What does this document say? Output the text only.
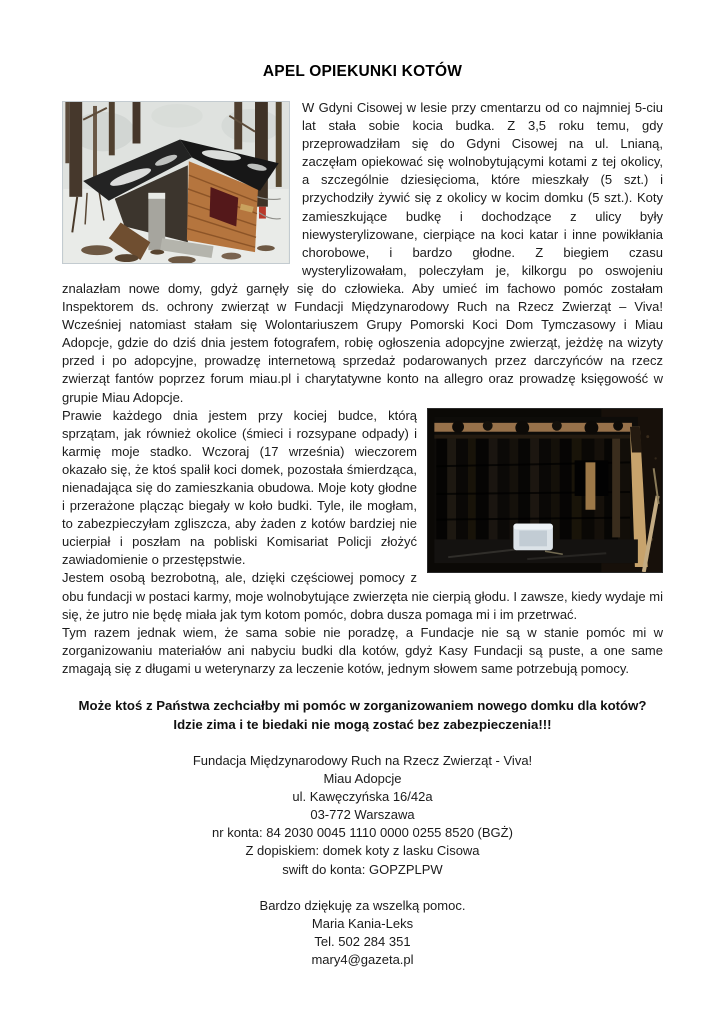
APEL OPIEKUNKI KOTÓW

W Gdyni Cisowej w lesie przy cmentarzu od co najmniej 5-ciu lat stała sobie kocia budka. Z 3,5 roku temu, gdy przeprowadziłam się do Gdyni Cisowej na ul. Lnianą, zaczęłam opiekować się wolnobytującymi kotami z tej okolicy, a szczególnie dziesięcioma, które mieszkały (5 szt.) i przychodziły żywić się z okolicy w kocim domku (5 szt.). Koty zamieszkujące budkę i dochodzące z ulicy były niewysterylizowane, cierpiące na koci katar i inne powikłania chorobowe, i bardzo głodne. Z biegiem czasu wysterylizowałam, poleczyłam je, kilkorgu po oswojeniu znalazłam nowe domy, gdyż garnęły się do człowieka. Aby umieć im fachowo pomóc zostałam Inspektorem ds. ochrony zwierząt w Fundacji Międzynarodowy Ruch na Rzecz Zwierząt – Viva! Wcześniej natomiast stałam się Wolontariuszem Grupy Pomorski Koci Dom Tymczasowy i Miau Adopcje, gdzie do dziś dnia jestem fotografem, robię ogłoszenia adopcyjne zwierząt, jeżdżę na wizyty przed i po adopcyjne, prowadzę internetową sprzedaż podarowanych przez darczyńców na rzecz zwierząt fantów poprzez forum miau.pl i charytatywne konto na allegro oraz prowadzę księgowość w grupie Miau Adopcje.

Prawie każdego dnia jestem przy kociej budce, którą sprzątam, jak również okolice (śmieci i rozsypane odpady) i karmię moje stadko. Wczoraj (17 września) wieczorem okazało się, że ktoś spalił koci domek, pozostała śmierdząca, nienadająca się do zamieszkania obudowa. Moje koty głodne i przerażone plącząc biegały w koło budki. Tyle, ile mogłam, to zabezpieczyłam zgliszcza, aby żaden z kotów bardziej nie ucierpiał i poszłam na pobliski Komisariat Policji złożyć zawiadomienie o przestępstwie.

Jestem osobą bezrobotną, ale, dzięki częściowej pomocy z obu fundacji w postaci karmy, moje wolnobytujące zwierzęta nie cierpią głodu. I zawsze, kiedy wydaje mi się, że jutro nie będę miała jak tym kotom pomóc, dobra dusza pomaga mi i im przetrwać.

Tym razem jednak wiem, że sama sobie nie poradzę, a Fundacje nie są w stanie pomóc mi w zorganizowaniu materiałów ani nabyciu budki dla kotów, gdyż Kasy Fundacji są puste, a one same zmagają się z długami u weterynarzy za leczenie kotów, jednym słowem same potrzebują pomocy.

Może ktoś z Państwa zechciałby mi pomóc w zorganizowaniem nowego domku dla kotów?
Idzie zima i te biedaki nie mogą zostać bez zabezpieczenia!!!
Fundacja Międzynarodowy Ruch na Rzecz Zwierząt - Viva!
Miau Adopcje
ul. Kawęczyńska 16/42a
03-772 Warszawa
nr konta: 84 2030 0045 1110 0000 0255 8520 (BGŻ)
Z dopiskiem: domek koty z lasku Cisowa
swift do konta: GOPZPLPW
Bardzo dziękuję za wszelką pomoc.
Maria Kania-Leks
Tel. 502 284 351
mary4@gazeta.pl
